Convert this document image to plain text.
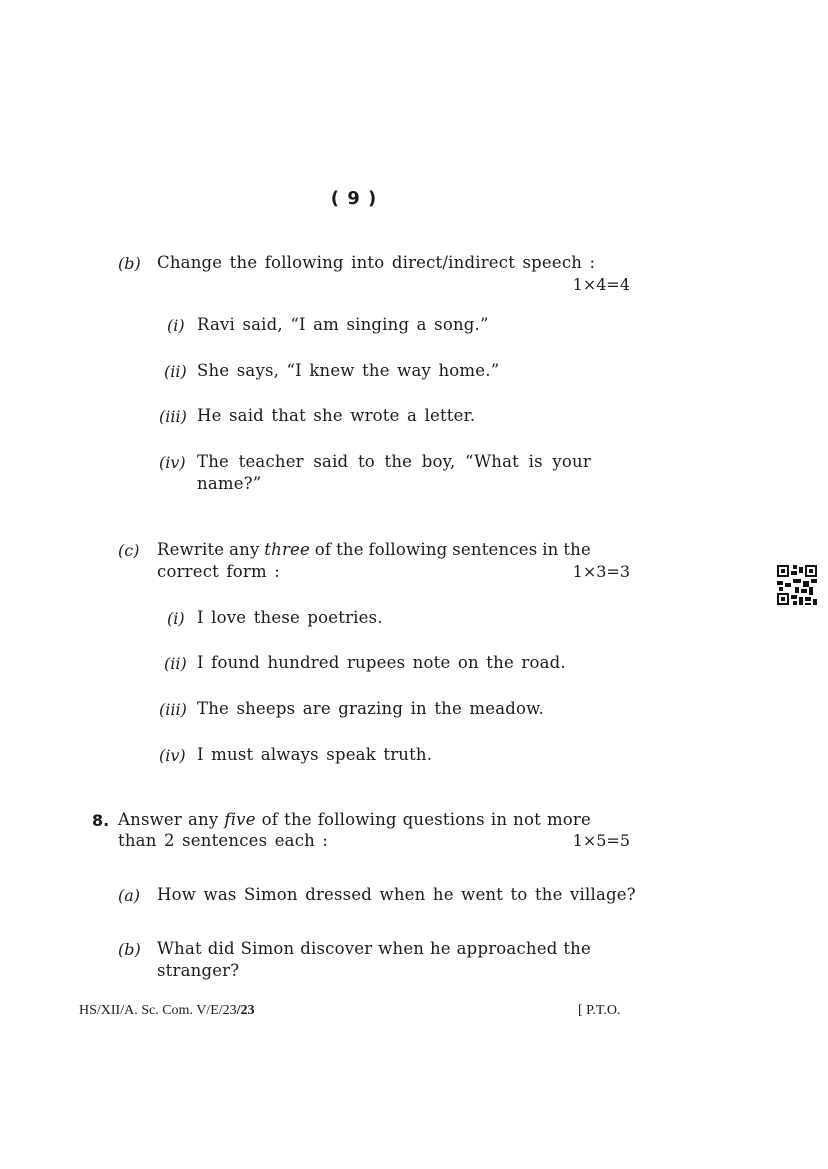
( 9 )
(b) Change the following into direct/indirect speech :
1×4=4
(i) Ravi said, “I am singing a song.”
(ii) She says, “I knew the way home.”
(iii) He said that she wrote a letter.
(iv) The teacher said to the boy, “What is your
name?”
(c) Rewrite any three of the following sentences in the
correct form :	1×3=3
(i) I love these poetries.
(ii) I found hundred rupees note on the road.
(iii) The sheeps are grazing in the meadow.
(iv) I must always speak truth.
8. Answer any five of the following questions in not more
than 2 sentences each :	1×5=5
(a) How was Simon dressed when he went to the village?
(b) What did Simon discover when he approached the
stranger?
HS/XII/A. Sc. Com. V/E/23/23	[ P.T.O.
